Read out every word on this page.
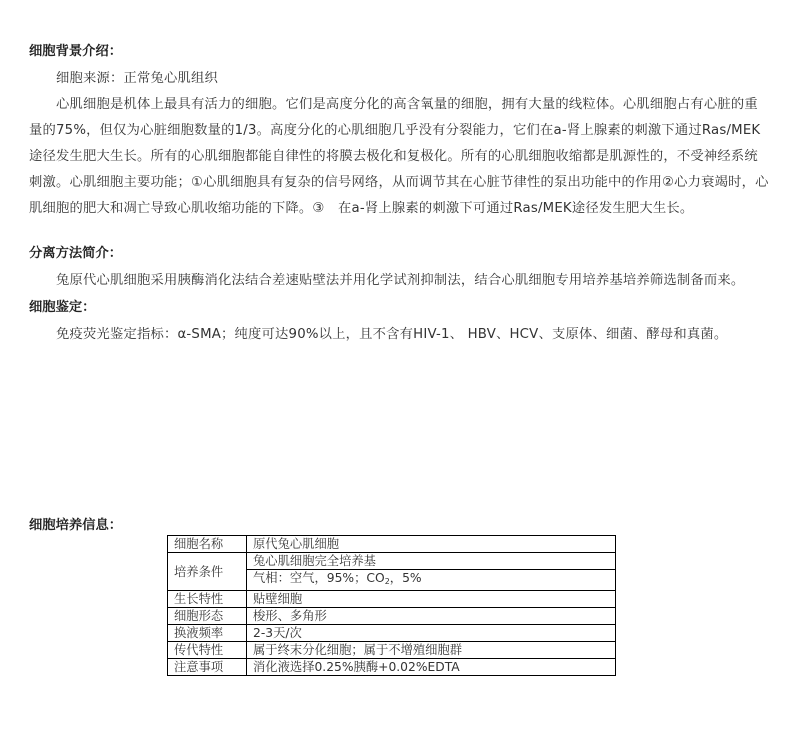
细胞背景介绍：

细胞来源：正常兔心肌组织

心肌细胞是机体上最具有活力的细胞。它们是高度分化的高含氧量的细胞，拥有大量的线粒体。心肌细胞占有心脏的重量的75%，但仅为心脏细胞数量的1/3。高度分化的心肌细胞几乎没有分裂能力，它们在a-肾上腺素的刺激下通过Ras/MEK途径发生肥大生长。所有的心肌细胞都能自律性的将膜去极化和复极化。所有的心肌细胞收缩都是肌源性的，不受神经系统刺激。心肌细胞主要功能；①心肌细胞具有复杂的信号网络，从而调节其在心脏节律性的泵出功能中的作用②心力衰竭时，心肌细胞的肥大和凋亡导致心肌收缩功能的下降。③　在a-肾上腺素的刺激下可通过Ras/MEK途径发生肥大生长。

分离方法简介：

兔原代心肌细胞采用胰酶消化法结合差速贴壁法并用化学试剂抑制法，结合心肌细胞专用培养基培养筛选制备而来。

细胞鉴定：

免疫荧光鉴定指标：α-SMA；纯度可达90%以上，且不含有HIV-1、 HBV、HCV、支原体、细菌、酵母和真菌。

细胞培养信息：

细胞名称	原代兔心肌细胞
培养条件	兔心肌细胞完全培养基
	气相：空气，95%；$CO_2$，5%
生长特性	贴壁细胞
细胞形态	梭形、多角形
换液频率	2-3天/次
传代特性	属于终末分化细胞；属于不增殖细胞群
注意事项	消化液选择0.25%胰酶+0.02%EDTA
